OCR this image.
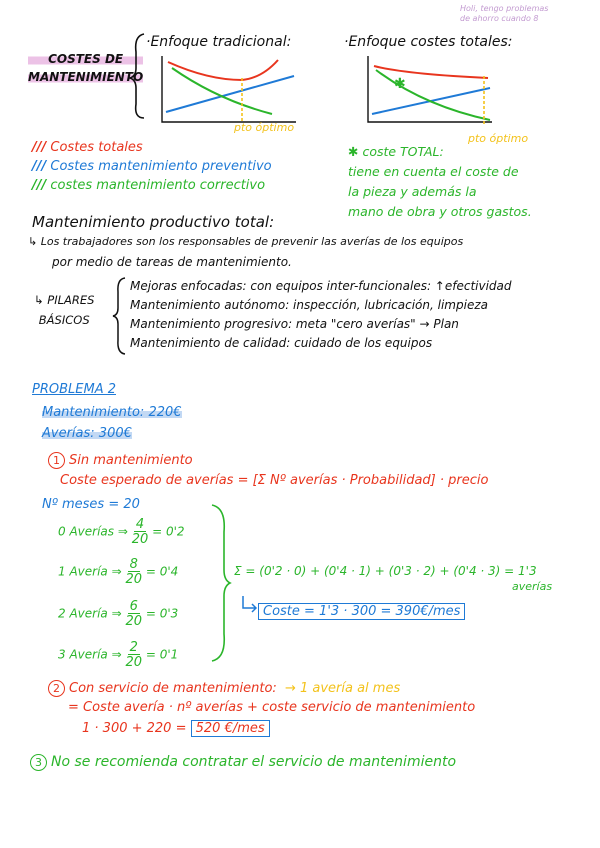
Holi, tengo problemas
de ahorro cuando 8
COSTES DE
MANTENIMIENTO
·Enfoque tradicional:	·Enfoque costes totales:
pto óptimo
✱
pto óptimo
/// Costes totales
/// Costes mantenimiento preventivo
/// costes mantenimiento correctivo
✱ coste TOTAL:
tiene en cuenta el coste de
la pieza y además la
mano de obra y otros gastos.
Mantenimiento productivo total:
↳ Los trabajadores son los responsables de prevenir las averías de los equipos
por medio de tareas de mantenimiento.
↳ PILARES
BÁSICOS
Mejoras enfocadas: con equipos inter-funcionales: ↑efectividad
Mantenimiento autónomo: inspección, lubricación, limpieza
Mantenimiento progresivo: meta "cero averías" → Plan
Mantenimiento de calidad: cuidado de los equipos
PROBLEMA 2
Mantenimiento: 220€
Averías: 300€
1 Sin mantenimiento
Coste esperado de averías = [Σ Nº averías · Probabilidad] · precio
Nº meses = 20
0 Averías ⇒ $\frac{4}{20} = 0'2$
1 Avería ⇒ $\frac{8}{20} = 0'4$
2 Avería ⇒ $\frac{6}{20} = 0'3$
3 Avería ⇒ $\frac{2}{20} = 0'1$
Σ = (0'2 · 0) + (0'4 · 1) + (0'3 · 2) + (0'4 · 3) = 1'3
averías
Coste = 1'3 · 300 = 390€/mes
2 Con servicio de mantenimiento: → 1 avería al mes
= Coste avería · nº averías + coste servicio de mantenimiento
1 · 300 + 220 = 520 €/mes
3 No se recomienda contratar el servicio de mantenimiento
